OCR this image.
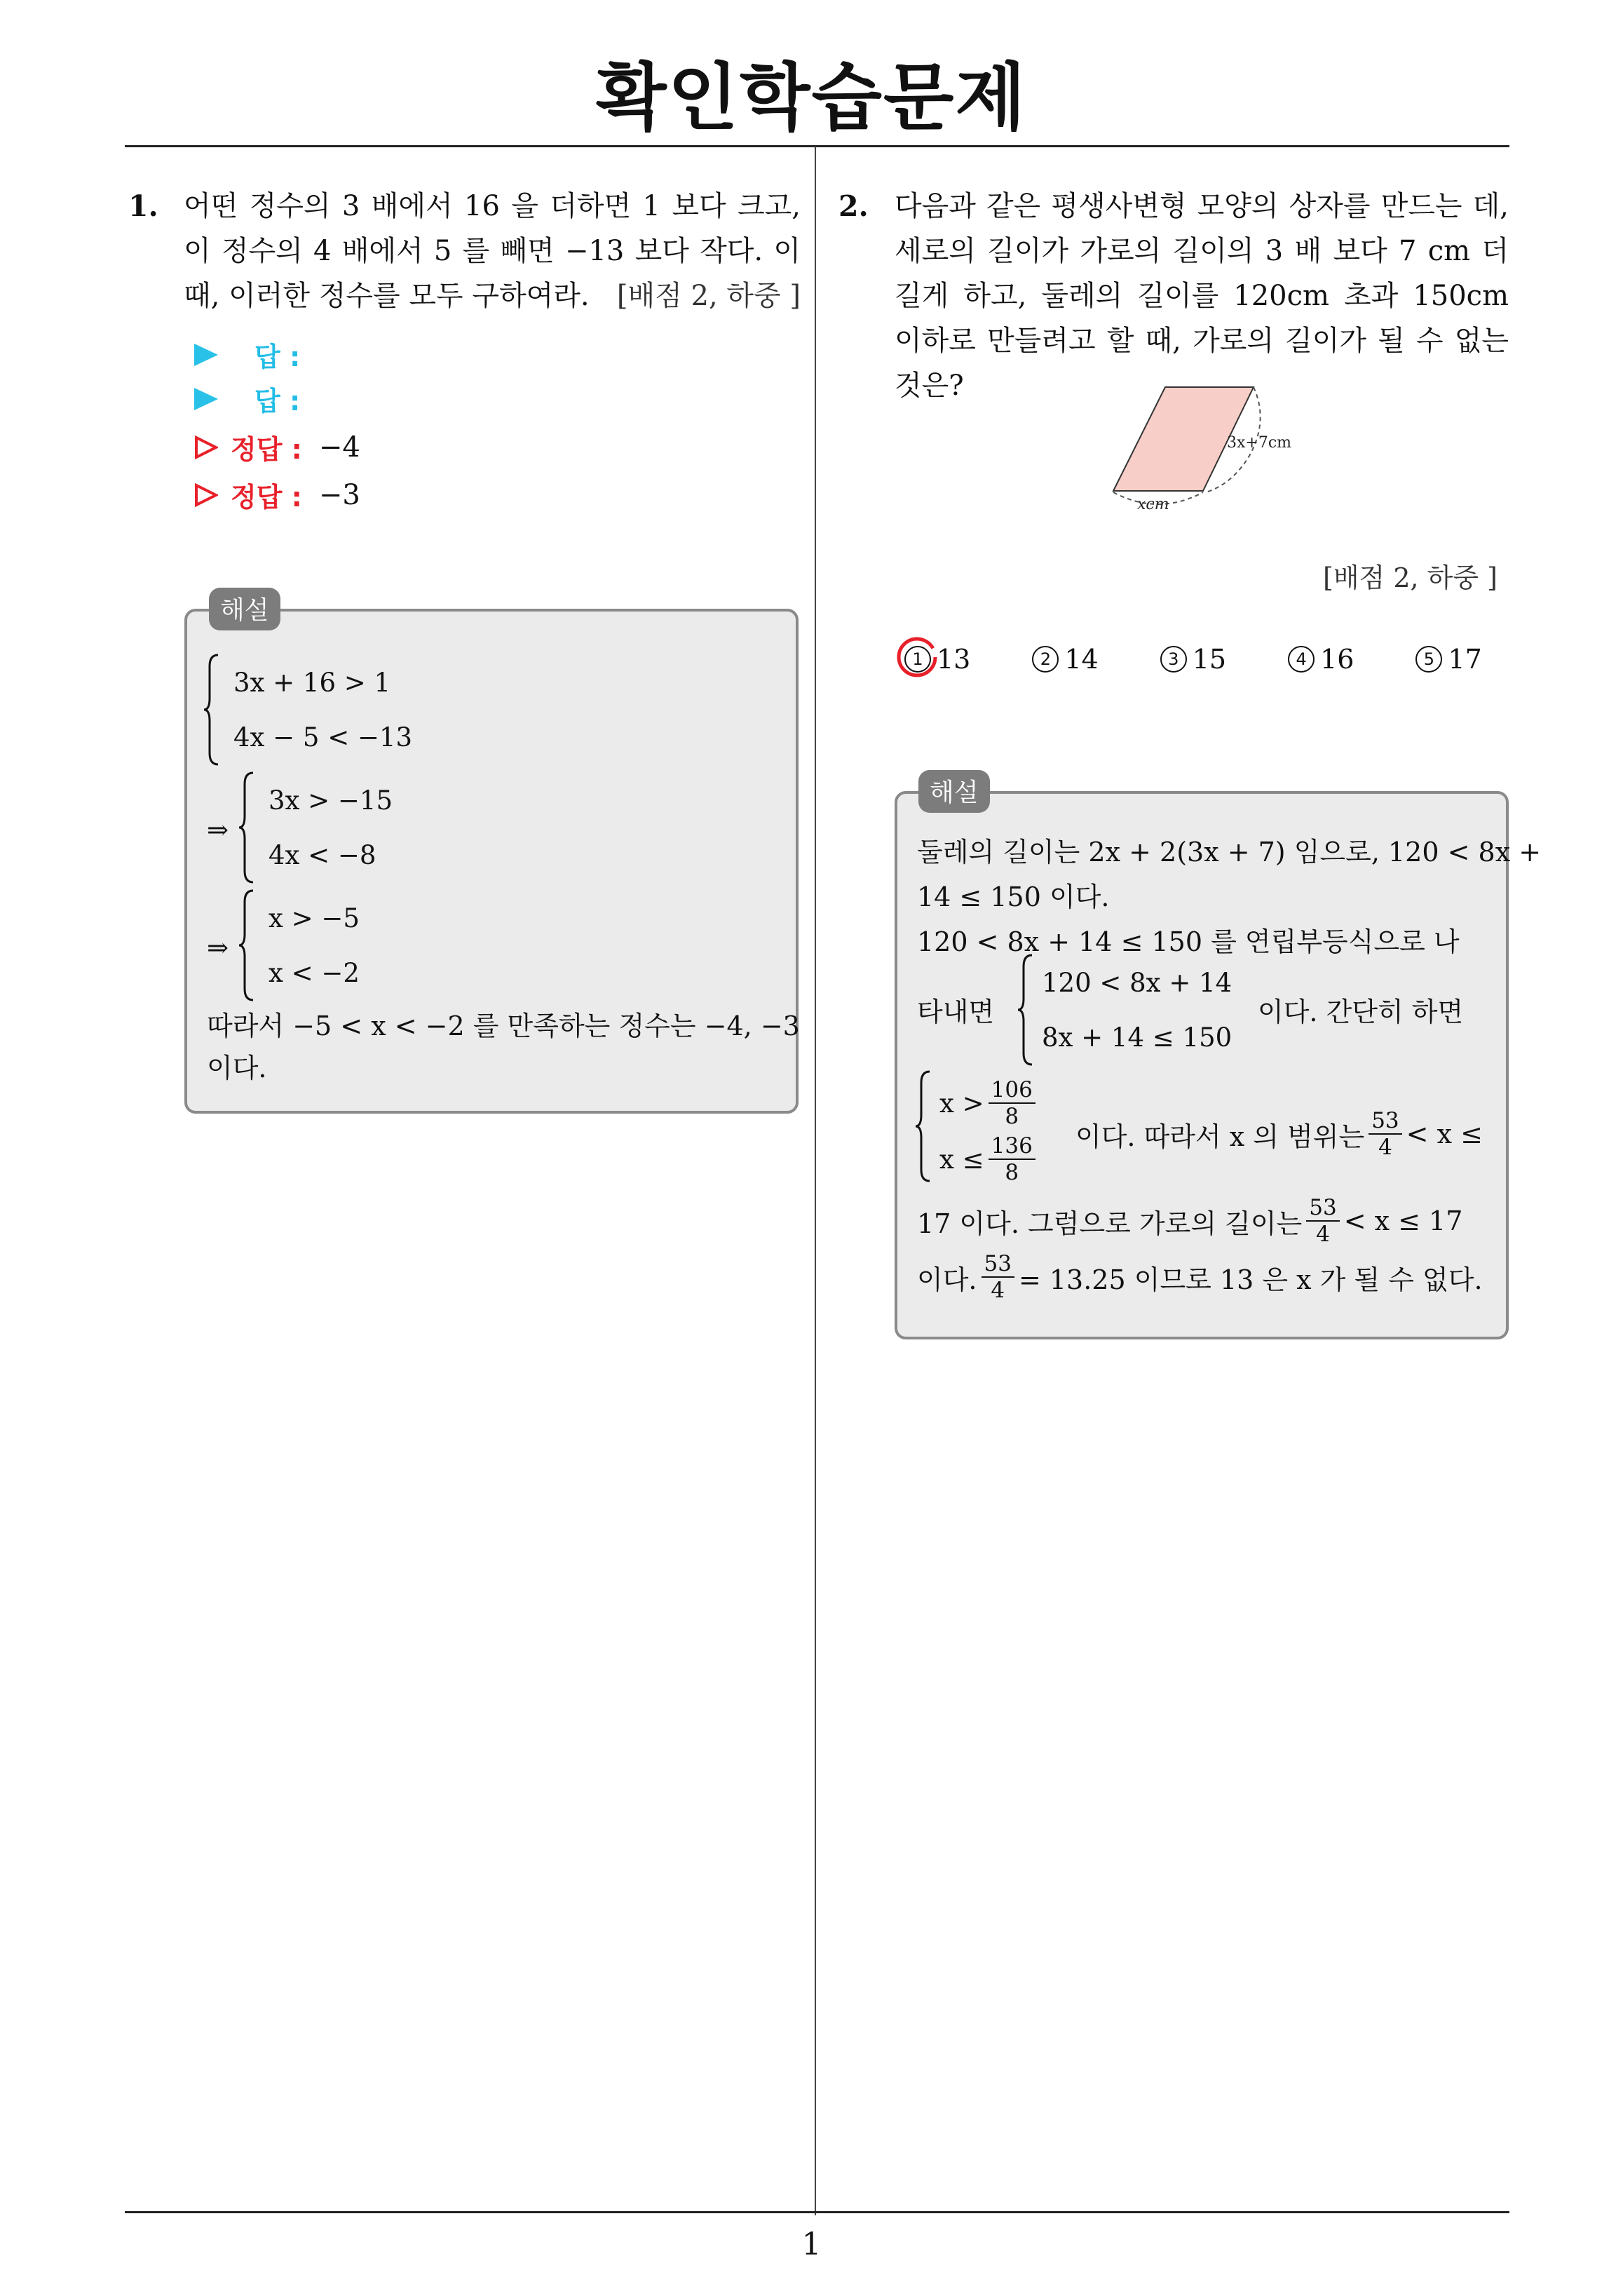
확인학습문제
1. 어떤 정수의 3 배에서 16 을 더하면 1 보다 크고, 이 정수의 4 배에서 5 를 빼면 −13 보다 작다. 이 때, 이러한 정수를 모두 구하여라. [배점 2, 하중 ]
답 :
답 :
정답 : −4
정답 : −3
3x + 16 > 1
4x − 5 < −13
⇒
3x > −15
4x < −8
⇒
x > −5
x < −2
따라서 −5 < x < −2 를 만족하는 정수는 −4, −3
이다.
해설
2. 다음과 같은 평생사변형 모양의 상자를 만드는 데, 세로의 길이가 가로의 길이의 3 배 보다 7 cm 더 길게 하고, 둘레의 길이를 120cm 초과 150cm 이하로 만들려고 할 때, 가로의 길이가 될 수 없는 것은?
3x+7cm
xcm
[배점 2, 하중 ]
1 13	2 14	3 15	4 16	5 17
둘레의 길이는 2x + 2(3x + 7) 임으로, 120 < 8x +
14 ≤ 150 이다.
120 < 8x + 14 ≤ 150 를 연립부등식으로 나
타내면
120 < 8x + 14
8x + 14 ≤ 150
이다. 간단히 하면
$x > \frac{106}{8}$
$x \le \frac{136}{8}$ 이다. 따라서 x 의 범위는 $\frac{53}{4} < x$ ≤
17 이다. 그럼으로 가로의 길이는 $\frac{53}{4} < x \le 17$
이다. $\frac{53}{4} = 13.25$ 이므로 13 은 x 가 될 수 없다.
해설
1
